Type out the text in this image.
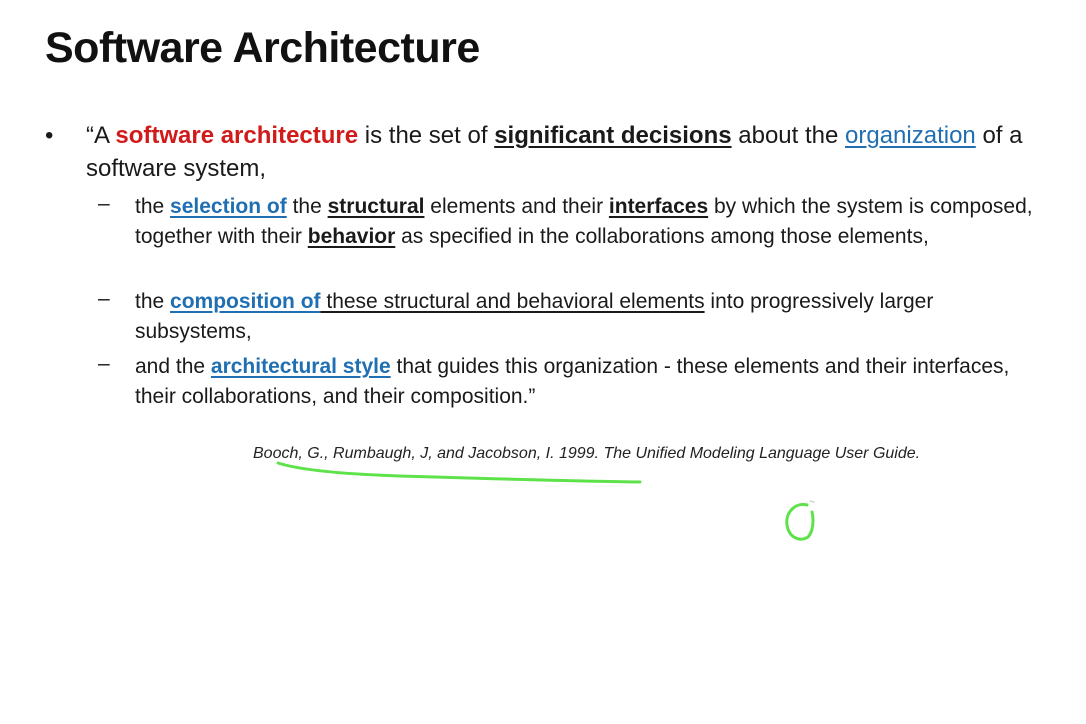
Software Architecture
• “A software architecture is the set of significant decisions about the organization of a software system,
– the selection of the structural elements and their interfaces by which the system is composed, together with their behavior as specified in the collaborations among those elements,
– the composition of these structural and behavioral elements into progressively larger subsystems,
– and the architectural style that guides this organization - these elements and their interfaces, their collaborations, and their composition.”
Booch, G., Rumbaugh, J, and Jacobson, I. 1999. The Unified Modeling Language User Guide.
